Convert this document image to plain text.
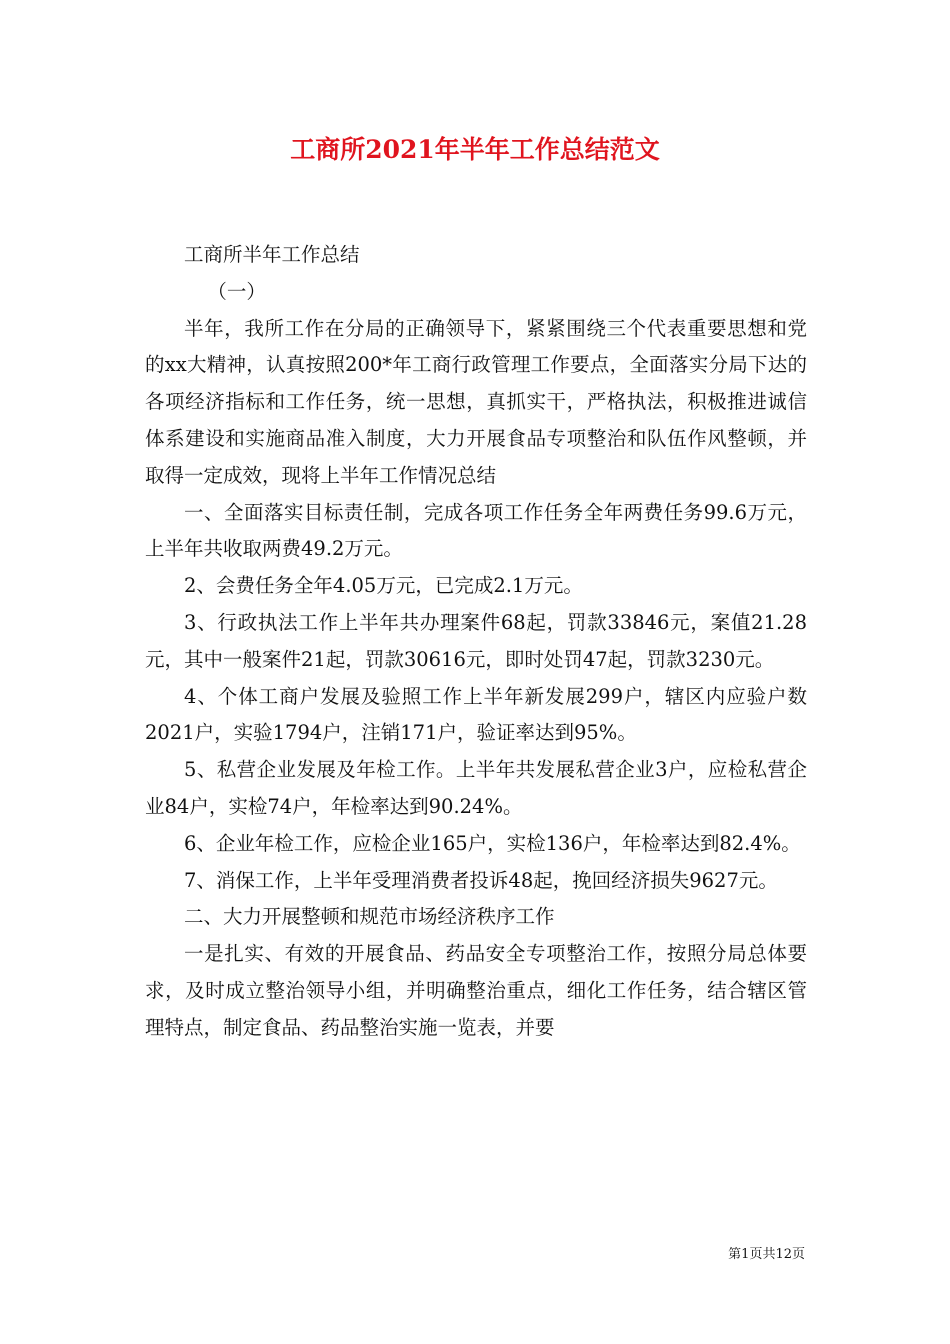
工商所2021年半年工作总结范文

工商所半年工作总结

（一）

半年，我所工作在分局的正确领导下，紧紧围绕三个代表重要思想和党的xx大精神，认真按照200*年工商行政管理工作要点，全面落实分局下达的各项经济指标和工作任务，统一思想，真抓实干，严格执法，积极推进诚信体系建设和实施商品准入制度，大力开展食品专项整治和队伍作风整顿，并取得一定成效，现将上半年工作情况总结

一、全面落实目标责任制，完成各项工作任务全年两费任务99.6万元，上半年共收取两费49.2万元。

2、会费任务全年4.05万元，已完成2.1万元。

3、行政执法工作上半年共办理案件68起，罚款33846元，案值21.28元，其中一般案件21起，罚款30616元，即时处罚47起，罚款3230元。

4、个体工商户发展及验照工作上半年新发展299户，辖区内应验户数2021户，实验1794户，注销171户，验证率达到95%。

5、私营企业发展及年检工作。上半年共发展私营企业3户，应检私营企业84户，实检74户，年检率达到90.24%。

6、企业年检工作，应检企业165户，实检136户，年检率达到82.4%。

7、消保工作，上半年受理消费者投诉48起，挽回经济损失9627元。

二、大力开展整顿和规范市场经济秩序工作

一是扎实、有效的开展食品、药品安全专项整治工作，按照分局总体要求，及时成立整治领导小组，并明确整治重点，细化工作任务，结合辖区管理特点，制定食品、药品整治实施一览表，并要

第1页共12页
